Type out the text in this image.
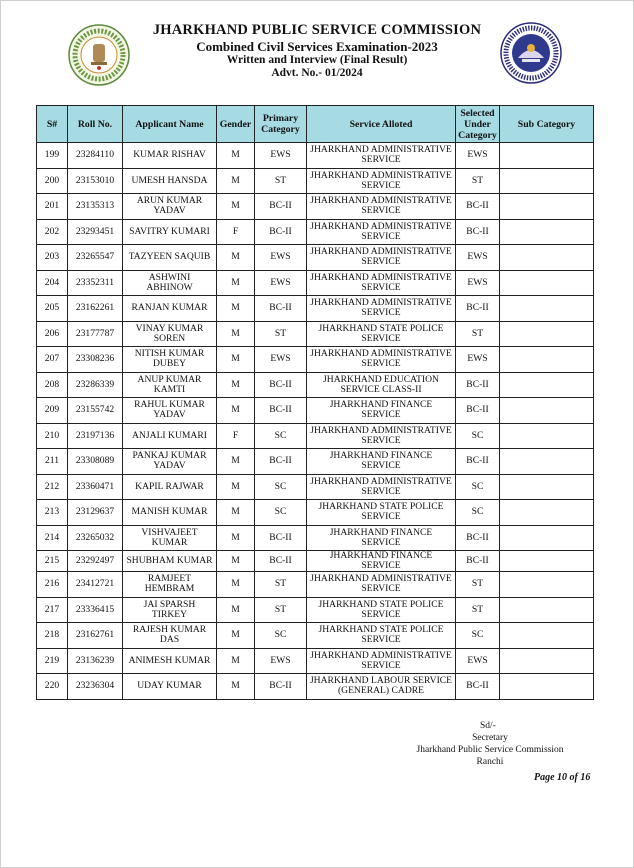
JHARKHAND PUBLIC SERVICE COMMISSION
Combined Civil Services Examination-2023
Written and Interview (Final Result)
Advt. No.- 01/2024
S#	Roll No.	Applicant Name	Gender	Primary Category	Service Alloted	Selected Under Category	Sub Category
199	23284110	KUMAR RISHAV	M	EWS	JHARKHAND ADMINISTRATIVE SERVICE	EWS	
200	23153010	UMESH HANSDA	M	ST	JHARKHAND ADMINISTRATIVE SERVICE	ST	
201	23135313	ARUN KUMAR YADAV	M	BC-II	JHARKHAND ADMINISTRATIVE SERVICE	BC-II	
202	23293451	SAVITRY KUMARI	F	BC-II	JHARKHAND ADMINISTRATIVE SERVICE	BC-II	
203	23265547	TAZYEEN SAQUIB	M	EWS	JHARKHAND ADMINISTRATIVE SERVICE	EWS	
204	23352311	ASHWINI ABHINOW	M	EWS	JHARKHAND ADMINISTRATIVE SERVICE	EWS	
205	23162261	RANJAN KUMAR	M	BC-II	JHARKHAND ADMINISTRATIVE SERVICE	BC-II	
206	23177787	VINAY KUMAR SOREN	M	ST	JHARKHAND STATE POLICE SERVICE	ST	
207	23308236	NITISH KUMAR DUBEY	M	EWS	JHARKHAND ADMINISTRATIVE SERVICE	EWS	
208	23286339	ANUP KUMAR KAMTI	M	BC-II	JHARKHAND EDUCATION SERVICE CLASS-II	BC-II	
209	23155742	RAHUL KUMAR YADAV	M	BC-II	JHARKHAND FINANCE SERVICE	BC-II	
210	23197136	ANJALI KUMARI	F	SC	JHARKHAND ADMINISTRATIVE SERVICE	SC	
211	23308089	PANKAJ KUMAR YADAV	M	BC-II	JHARKHAND FINANCE SERVICE	BC-II	
212	23360471	KAPIL RAJWAR	M	SC	JHARKHAND ADMINISTRATIVE SERVICE	SC	
213	23129637	MANISH KUMAR	M	SC	JHARKHAND STATE POLICE SERVICE	SC	
214	23265032	VISHVAJEET KUMAR	M	BC-II	JHARKHAND FINANCE SERVICE	BC-II	
215	23292497	SHUBHAM KUMAR	M	BC-II	JHARKHAND FINANCE SERVICE	BC-II	
216	23412721	RAMJEET HEMBRAM	M	ST	JHARKHAND ADMINISTRATIVE SERVICE	ST	
217	23336415	JAI SPARSH TIRKEY	M	ST	JHARKHAND STATE POLICE SERVICE	ST	
218	23162761	RAJESH KUMAR DAS	M	SC	JHARKHAND STATE POLICE SERVICE	SC	
219	23136239	ANIMESH KUMAR	M	EWS	JHARKHAND ADMINISTRATIVE SERVICE	EWS	
220	23236304	UDAY KUMAR	M	BC-II	JHARKHAND LABOUR SERVICE (GENERAL) CADRE	BC-II	
Sd/-
Secretary
Jharkhand Public Service Commission
Ranchi
Page 10 of 16
